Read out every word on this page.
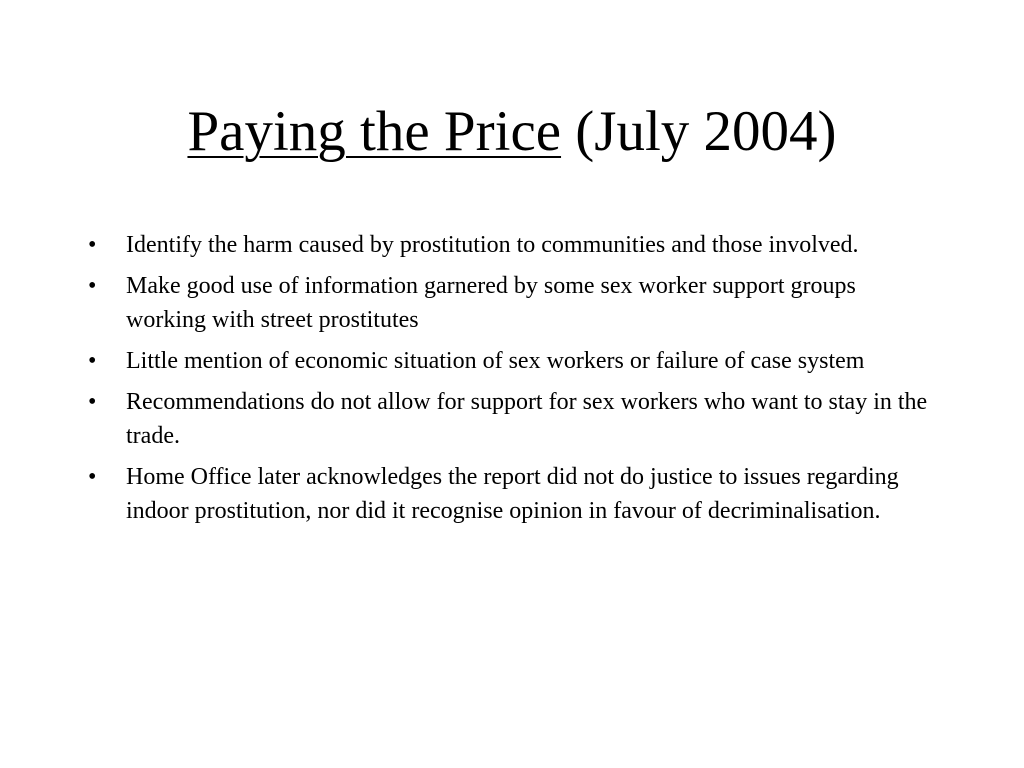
Paying the Price (July 2004)
•	Identify the harm caused by prostitution to communities and those involved.
•	Make good use of information garnered by some sex worker support groups working with street prostitutes
•	Little mention of economic situation of sex workers or failure of case system
•	Recommendations do not allow for support for sex workers who want to stay in the trade.
•	Home Office later acknowledges the report did not do justice to issues regarding indoor prostitution, nor did it recognise opinion in favour of decriminalisation.
